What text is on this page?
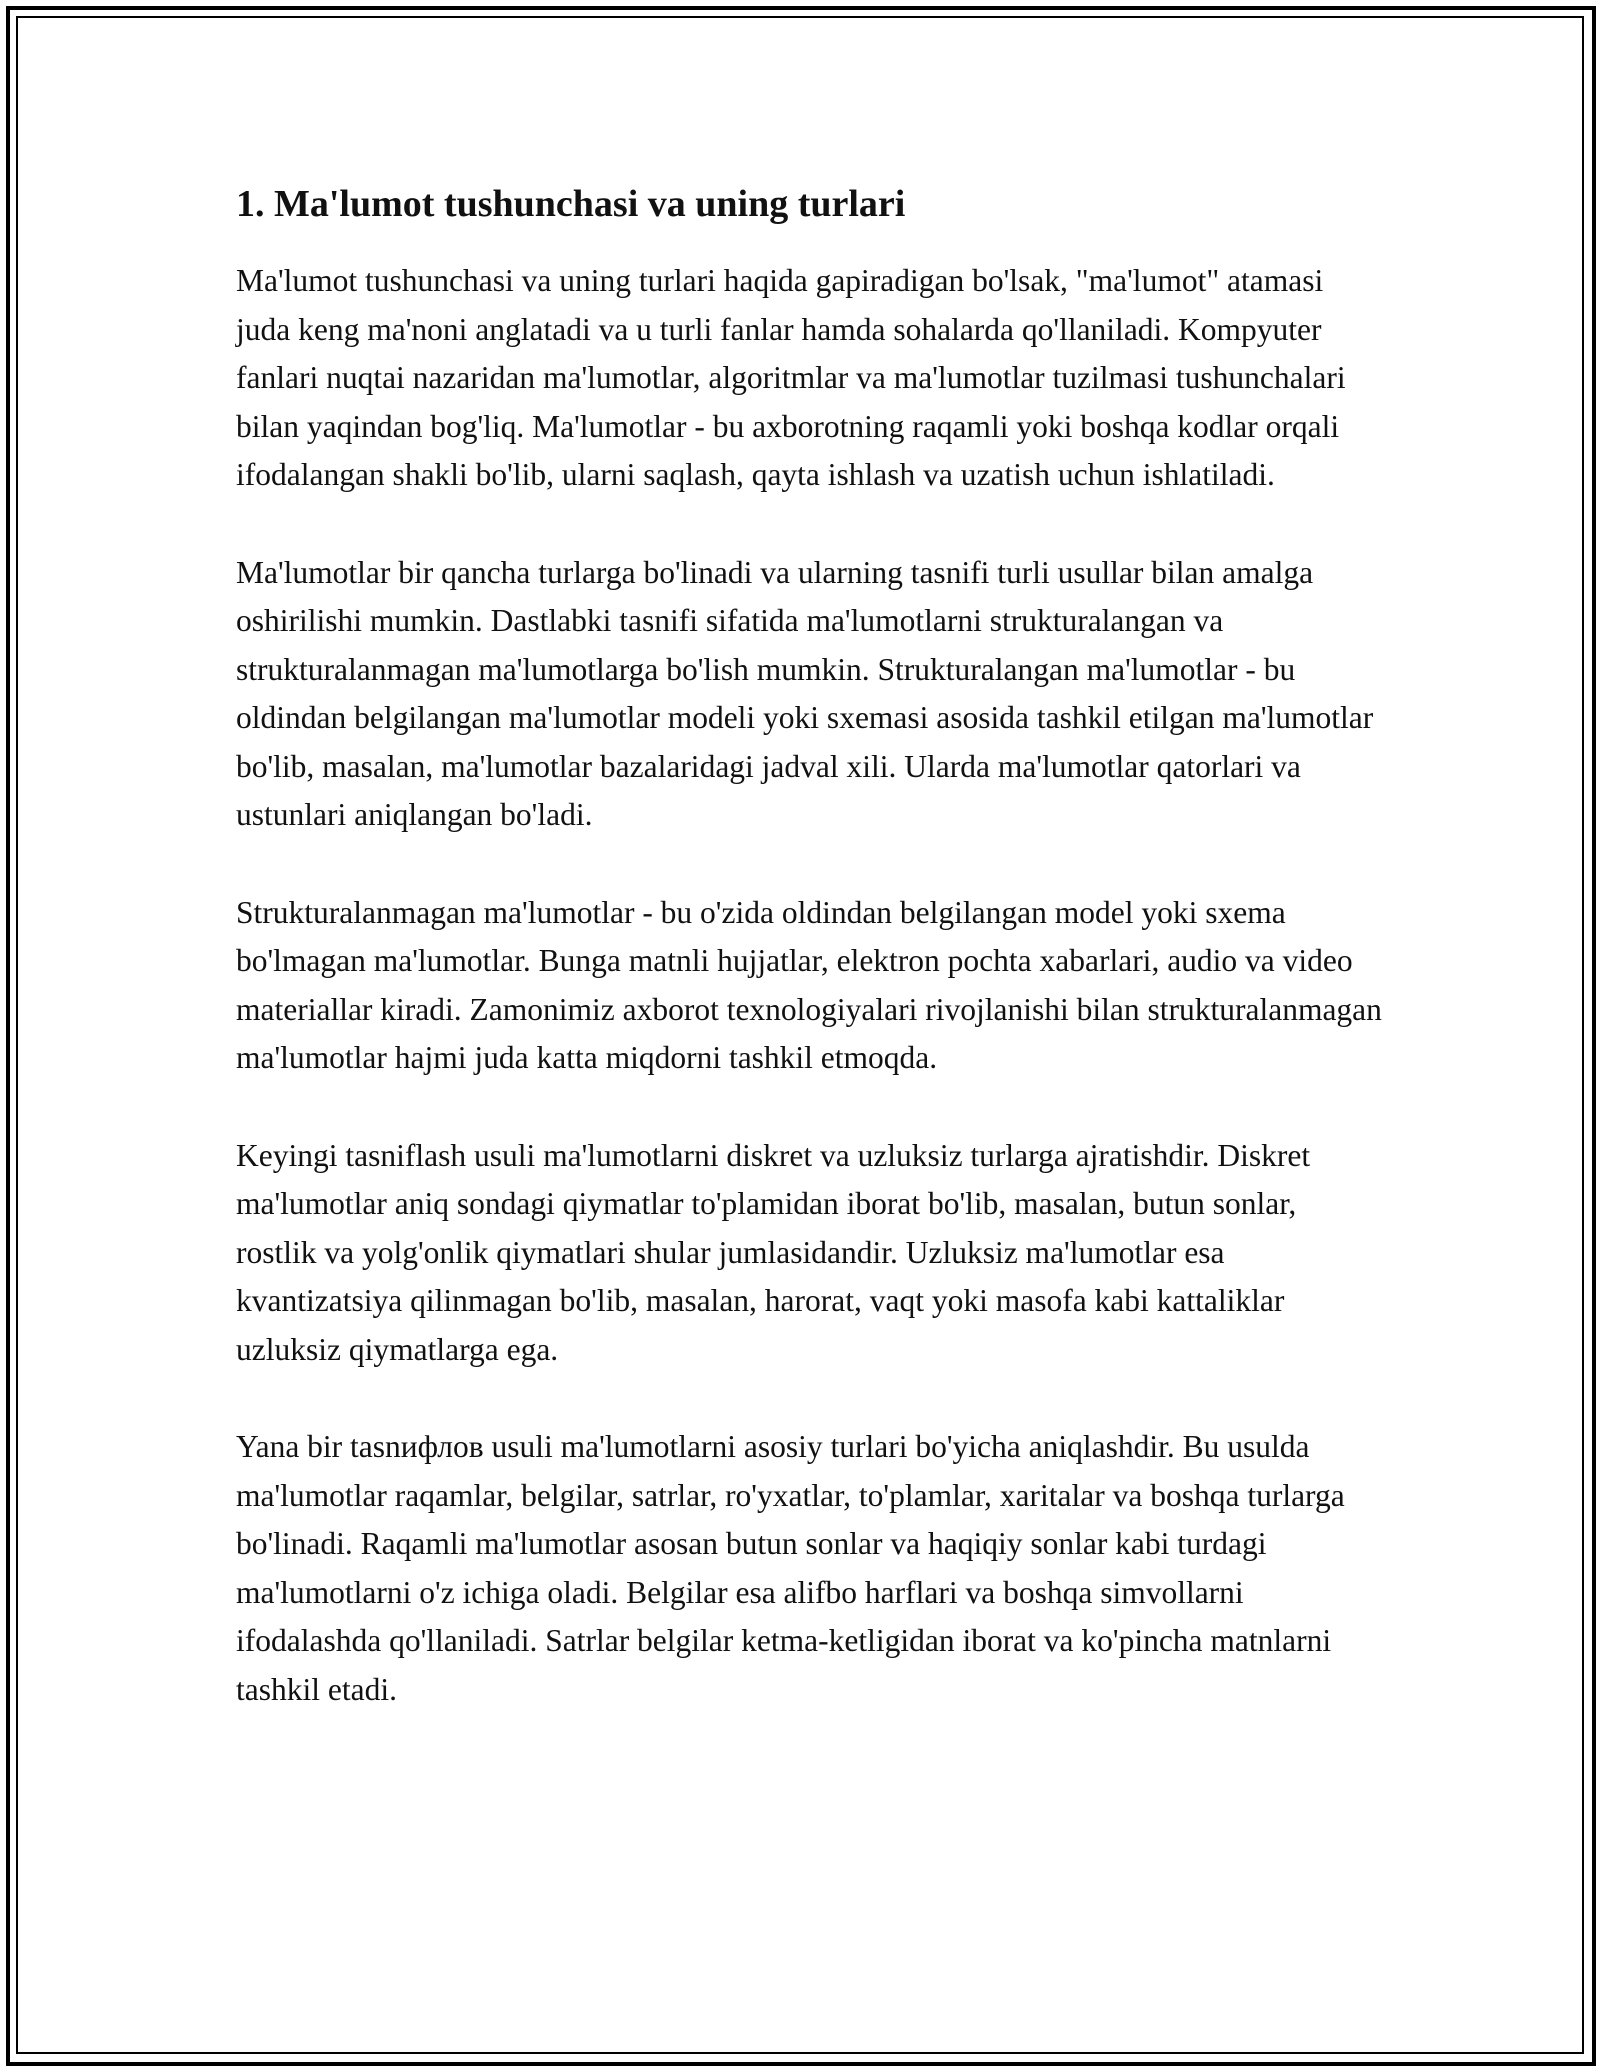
1. Ma'lumot tushunchasi va uning turlari

Ma'lumot tushunchasi va uning turlari haqida gapiradigan bo'lsak, "ma'lumot" atamasi juda keng ma'noni anglatadi va u turli fanlar hamda sohalarda qo'llaniladi. Kompyuter fanlari nuqtai nazaridan ma'lumotlar, algoritmlar va ma'lumotlar tuzilmasi tushunchalari bilan yaqindan bog'liq. Ma'lumotlar - bu axborotning raqamli yoki boshqa kodlar orqali ifodalangan shakli bo'lib, ularni saqlash, qayta ishlash va uzatish uchun ishlatiladi.

Ma'lumotlar bir qancha turlarga bo'linadi va ularning tasnifi turli usullar bilan amalga oshirilishi mumkin. Dastlabki tasnifi sifatida ma'lumotlarni strukturalangan va strukturalanmagan ma'lumotlarga bo'lish mumkin. Strukturalangan ma'lumotlar - bu oldindan belgilangan ma'lumotlar modeli yoki sxemasi asosida tashkil etilgan ma'lumotlar bo'lib, masalan, ma'lumotlar bazalaridagi jadval xili. Ularda ma'lumotlar qatorlari va ustunlari aniqlangan bo'ladi.

Strukturalanmagan ma'lumotlar - bu o'zida oldindan belgilangan model yoki sxema bo'lmagan ma'lumotlar. Bunga matnli hujjatlar, elektron pochta xabarlari, audio va video materiallar kiradi. Zamonimiz axborot texnologiyalari rivojlanishi bilan strukturalanmagan ma'lumotlar hajmi juda katta miqdorni tashkil etmoqda.

Keyingi tasniflash usuli ma'lumotlarni diskret va uzluksiz turlarga ajratishdir. Diskret ma'lumotlar aniq sondagi qiymatlar to'plamidan iborat bo'lib, masalan, butun sonlar, rostlik va yolg'onlik qiymatlari shular jumlasidandir. Uzluksiz ma'lumotlar esa kvantizatsiya qilinmagan bo'lib, masalan, harorat, vaqt yoki masofa kabi kattaliklar uzluksiz qiymatlarga ega.

Yana bir tasnифлов usuli ma'lumotlarni asosiy turlari bo'yicha aniqlashdir. Bu usulda ma'lumotlar raqamlar, belgilar, satrlar, ro'yxatlar, to'plamlar, xaritalar va boshqa turlarga bo'linadi. Raqamli ma'lumotlar asosan butun sonlar va haqiqiy sonlar kabi turdagi ma'lumotlarni o'z ichiga oladi. Belgilar esa alifbo harflari va boshqa simvollarni ifodalashda qo'llaniladi. Satrlar belgilar ketma-ketligidan iborat va ko'pincha matnlarni tashkil etadi.
